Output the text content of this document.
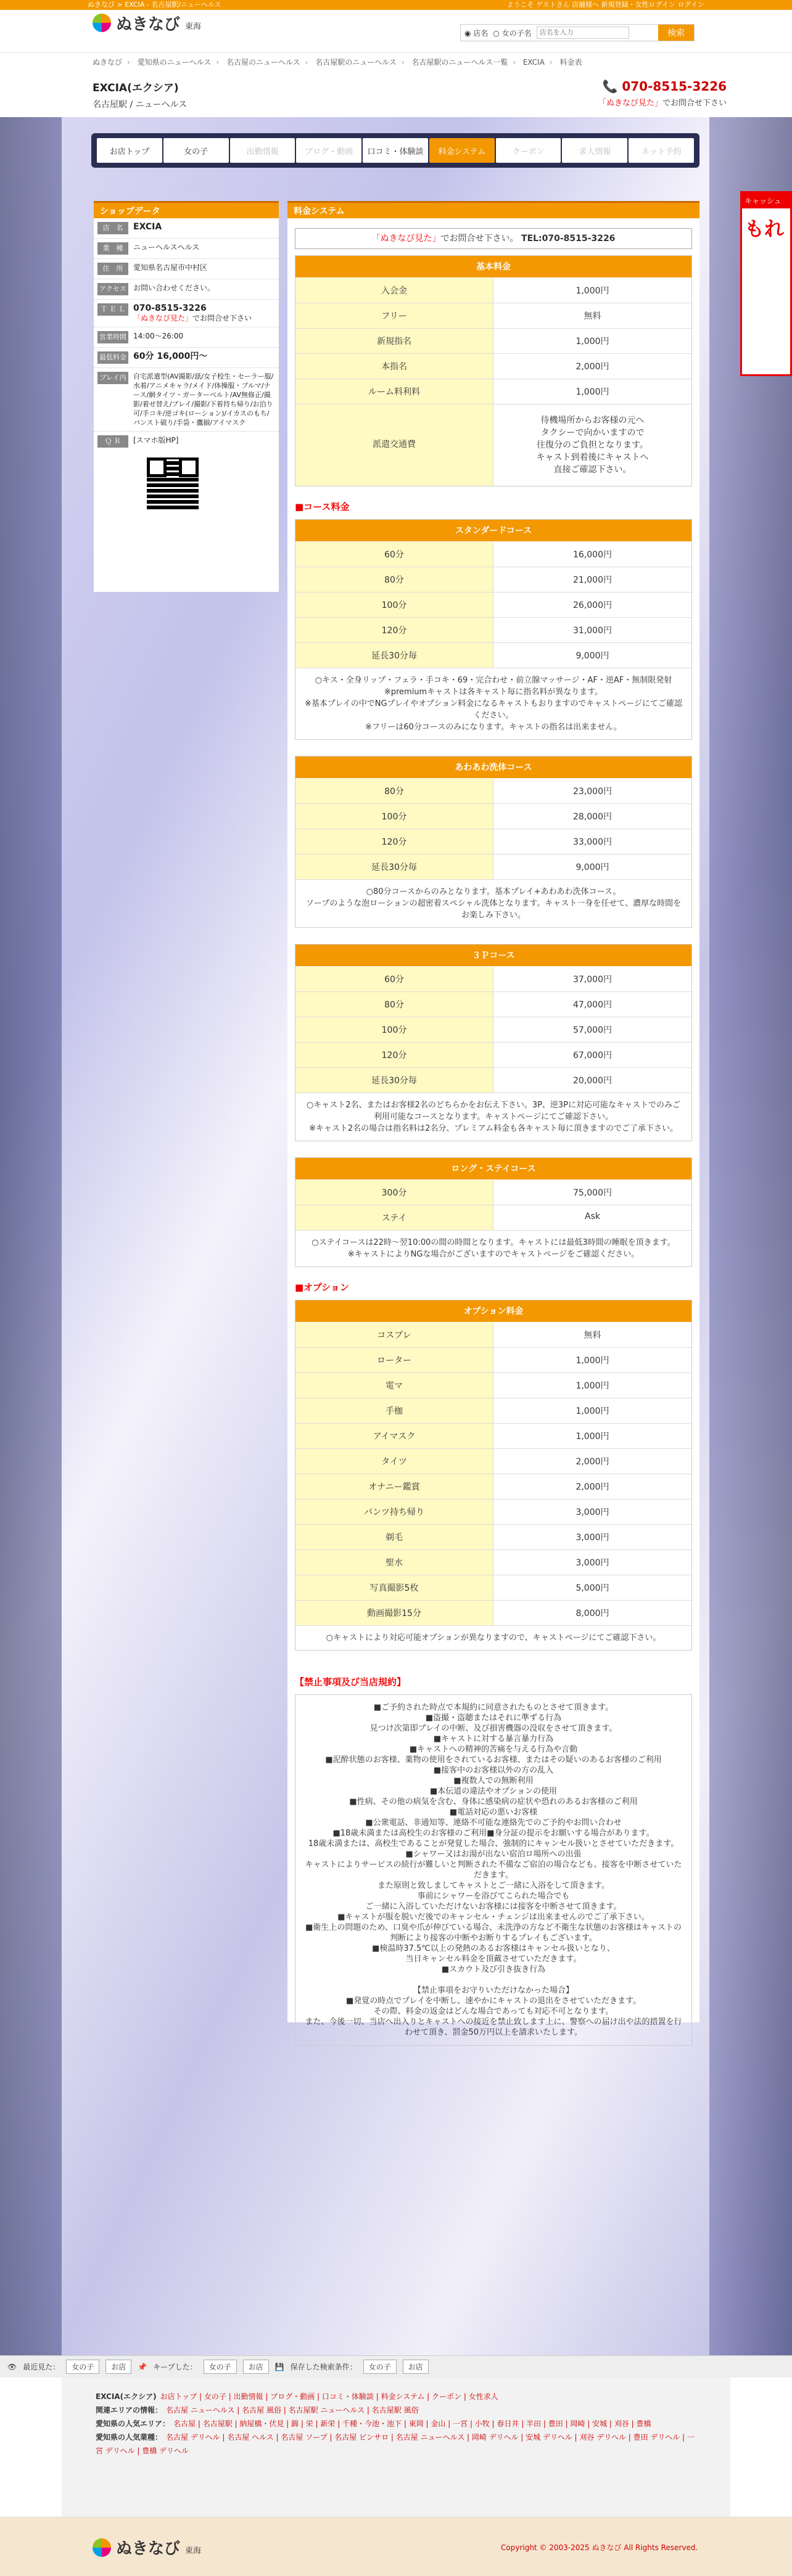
ぬきなび > EXCIA - 名古屋駅/ニューヘルス	ようこそ ゲストさん 店舗様へ 新規登録・女性ログイン ログイン
ぬきなび 東海
◉ 店名 ○ 女の子名
店名を入力	検索
ぬきなび › 愛知県のニューヘルス › 名古屋のニューヘルス › 名古屋駅のニューヘルス › 名古屋駅のニューヘルス一覧 › EXCIA › 料金表
EXCIA(エクシア)
名古屋駅 / ニューヘルス
📞 070-8515-3226
「ぬきなび見た」でお問合せ下さい
キャッシュ
もれ
お店トップ	女の子	出勤情報	ブログ・動画	口コミ・体験談	料金システム	クーポン	求人情報	ネット予約
ショップデータ
店　名	EXCIA
業　種	ニューヘルスヘルス
住　所	愛知県名古屋市中村区
アクセス お問い合わせください。
Ｔ Ｅ Ｌ 070-8515-3226
「ぬきなび見た」でお問合せ下さい
営業時間 14:00〜26:00
最低料金 60分 16,000円〜
プレイ内容
自宅派遣型(AV撮影/舐/女子校生・セーラー服/水着/アニメキャラ/メイド/体操服・ブルマ/ナース/網タイツ・ガーターベルト/AV無修正/撮影/着せ替え/ブレイ/撮影/下着持ち帰り/お泊り可/手コキ/逆ゴキ(ローション)/イカスのもち/パンスト破り/手袋・鷹揃/アイマスク
Ｑ Ｒ	[スマホ版HP]
料金システム
「ぬきなび見た」でお問合せ下さい。 TEL:070-8515-3226
基本料金
入会金	1,000円
フリー	無料
新規指名	1,000円
本指名	2,000円
ルーム料利料	1,000円
派遣交通費
待機場所からお客様の元へ
タクシーで向かいますので
往復分のご負担となります。
キャスト到着後にキャストへ
直接ご確認下さい。
■コース料金
スタンダードコース
60分	16,000円
80分	21,000円
100分	26,000円
120分	31,000円
延長30分毎	9,000円
○キス・全身リップ・フェラ・手コキ・69・完合わせ・前立腺マッサージ・AF・逆AF・無制限発射
※premiumキャストは各キャスト毎に指名料が異なります。
※基本プレイの中でNGプレイやオプション料金になるキャストもおりますのでキャストページにてご確認ください。
※フリーは60分コースのみになります。キャストの指名は出来ません。
あわあわ洗体コース
80分	23,000円
100分	28,000円
120分	33,000円
延長30分毎	9,000円
○80分コースからのみとなります。基本プレイ+あわあわ洗体コース。
ソープのような泡ローションの超密着スペシャル洗体となります。キャスト一身を任せて、濃厚な時間をお楽しみ下さい。
３Ｐコース
60分	37,000円
80分	47,000円
100分	57,000円
120分	67,000円
延長30分毎	20,000円
○キャスト2名、またはお客様2名のどちらかをお伝え下さい。3P、逆3Pに対応可能なキャストでのみご利用可能なコースとなります。キャストページにてご確認下さい。
※キャスト2名の場合は指名料は2名分、プレミアム料金も各キャスト毎に頂きますのでご了承下さい。
ロング・ステイコース
300分	75,000円
ステイ	Ask
○ステイコースは22時〜翌10:00の間の時間となります。キャストには最低3時間の睡眠を頂きます。
※キャストによりNGな場合がございますのでキャストページをご確認ください。
■オプション
オプション料金
コスプレ	無料
ローター	1,000円
電マ	1,000円
手枷	1,000円
アイマスク	1,000円
タイツ	2,000円
オナニー鑑賞	2,000円
パンツ持ち帰り	3,000円
剃毛	3,000円
聖水	3,000円
写真撮影5枚	5,000円
動画撮影15分	8,000円
○キャストにより対応可能オプションが異なりますので、キャストページにてご確認下さい。
【禁止事項及び当店規約】
■ご予約された時点で本規約に同意されたものとさせて頂きます。
■盗撮・盗聴またはそれに準ずる行為
見つけ次第即プレイの中断、及び損害機器の没収をさせて頂きます。
■キャストに対する暴言暴力行為
■キャストへの精神的苦痛を与える行為や言動
■泥酔状態のお客様、薬物の使用をされているお客様、またはその疑いのあるお客様のご利用
■接客中のお客様以外の方の乱入
■複数人での無断利用
■本伝道の違法やオプションの使用
■性病、その他の病気を含む、身体に感染病の症状や恐れのあるお客様のご利用
■電話対応の悪いお客様
■公衆電話、非通知等、連絡不可能な連絡先でのご予約やお問い合わせ
■18歳未満または高校生のお客様のご利用■身分証の提示をお願いする場合があります。
18歳未満または、高校生であることが発覚した場合、強制的にキャンセル扱いとさせていただきます。
■シャワー又はお湯が出ない宿泊ロ場所への出張
キャストによりサービスの続行が難しいと判断された不備なご宿泊の場合なども、接客を中断させていただきます。
また原則と致しましてキャストとご一緒に入浴をして頂きます。
事前にシャワーを浴びてこられた場合でも
ご一緒に入浴していただけないお客様には接客を中断させて頂きます。
■キャストが服を脱いだ後でのキャンセル・チェンジは出来ませんのでご了承下さい。
■衛生上の問題のため、口臭や爪が伸びている場合、未洗浄の方など不衛生な状態のお客様はキャストの判断により接客の中断やお断りするプレイもございます。
■検温時37.5℃以上の発熱のあるお客様はキャンセル扱いとなり、
当日キャンセル料金を頂戴させていただきます。
■スカウト及び引き抜き行為

【禁止事項をお守りいただけなかった場合】
■発覚の時点でプレイを中断し、速やかにキャストの退出をさせていただきます。
その際、料金の返金はどんな場合であっても対応不可となります。
また、今後一切、当店へ出入りとキャストへの接近を禁止致します上に、警察への届け出や法的措置を行わせて頂き、罰金50万円以上を請求いたします。
👁 最近見た：	女の子	お店	📌 キープした：	女の子	お店	💾 保存した検索条件：	女の子	お店
EXCIA(エクシア) お店トップ | 女の子 | 出勤情報 | ブログ・動画 | 口コミ・体験談 | 料金システム | クーポン | 女性求人
関連エリアの情報： 名古屋 ニューヘルス | 名古屋 風俗 | 名古屋駅 ニューヘルス | 名古屋駅 風俗
愛知県の人気エリア： 名古屋 | 名古屋駅 | 納屋橋・伏見 | 錦 | 栄 | 新栄 | 千種・今池・池下 | 東岡 | 金山 | 一宮 | 小牧 | 春日井 | 半田 | 豊田 | 岡崎 | 安城 | 刈谷 | 豊橋
愛知県の人気業種： 名古屋 デリヘル | 名古屋 ヘルス | 名古屋 ソープ | 名古屋 ピンサロ | 名古屋 ニューヘルス | 岡崎 デリヘル | 安城 デリヘル | 刈谷 デリヘル | 豊田 デリヘル | 一宮 デリヘル | 豊橋 デリヘル
ぬきなび 東海	Copyright © 2003-2025 ぬきなび All Rights Reserved.
